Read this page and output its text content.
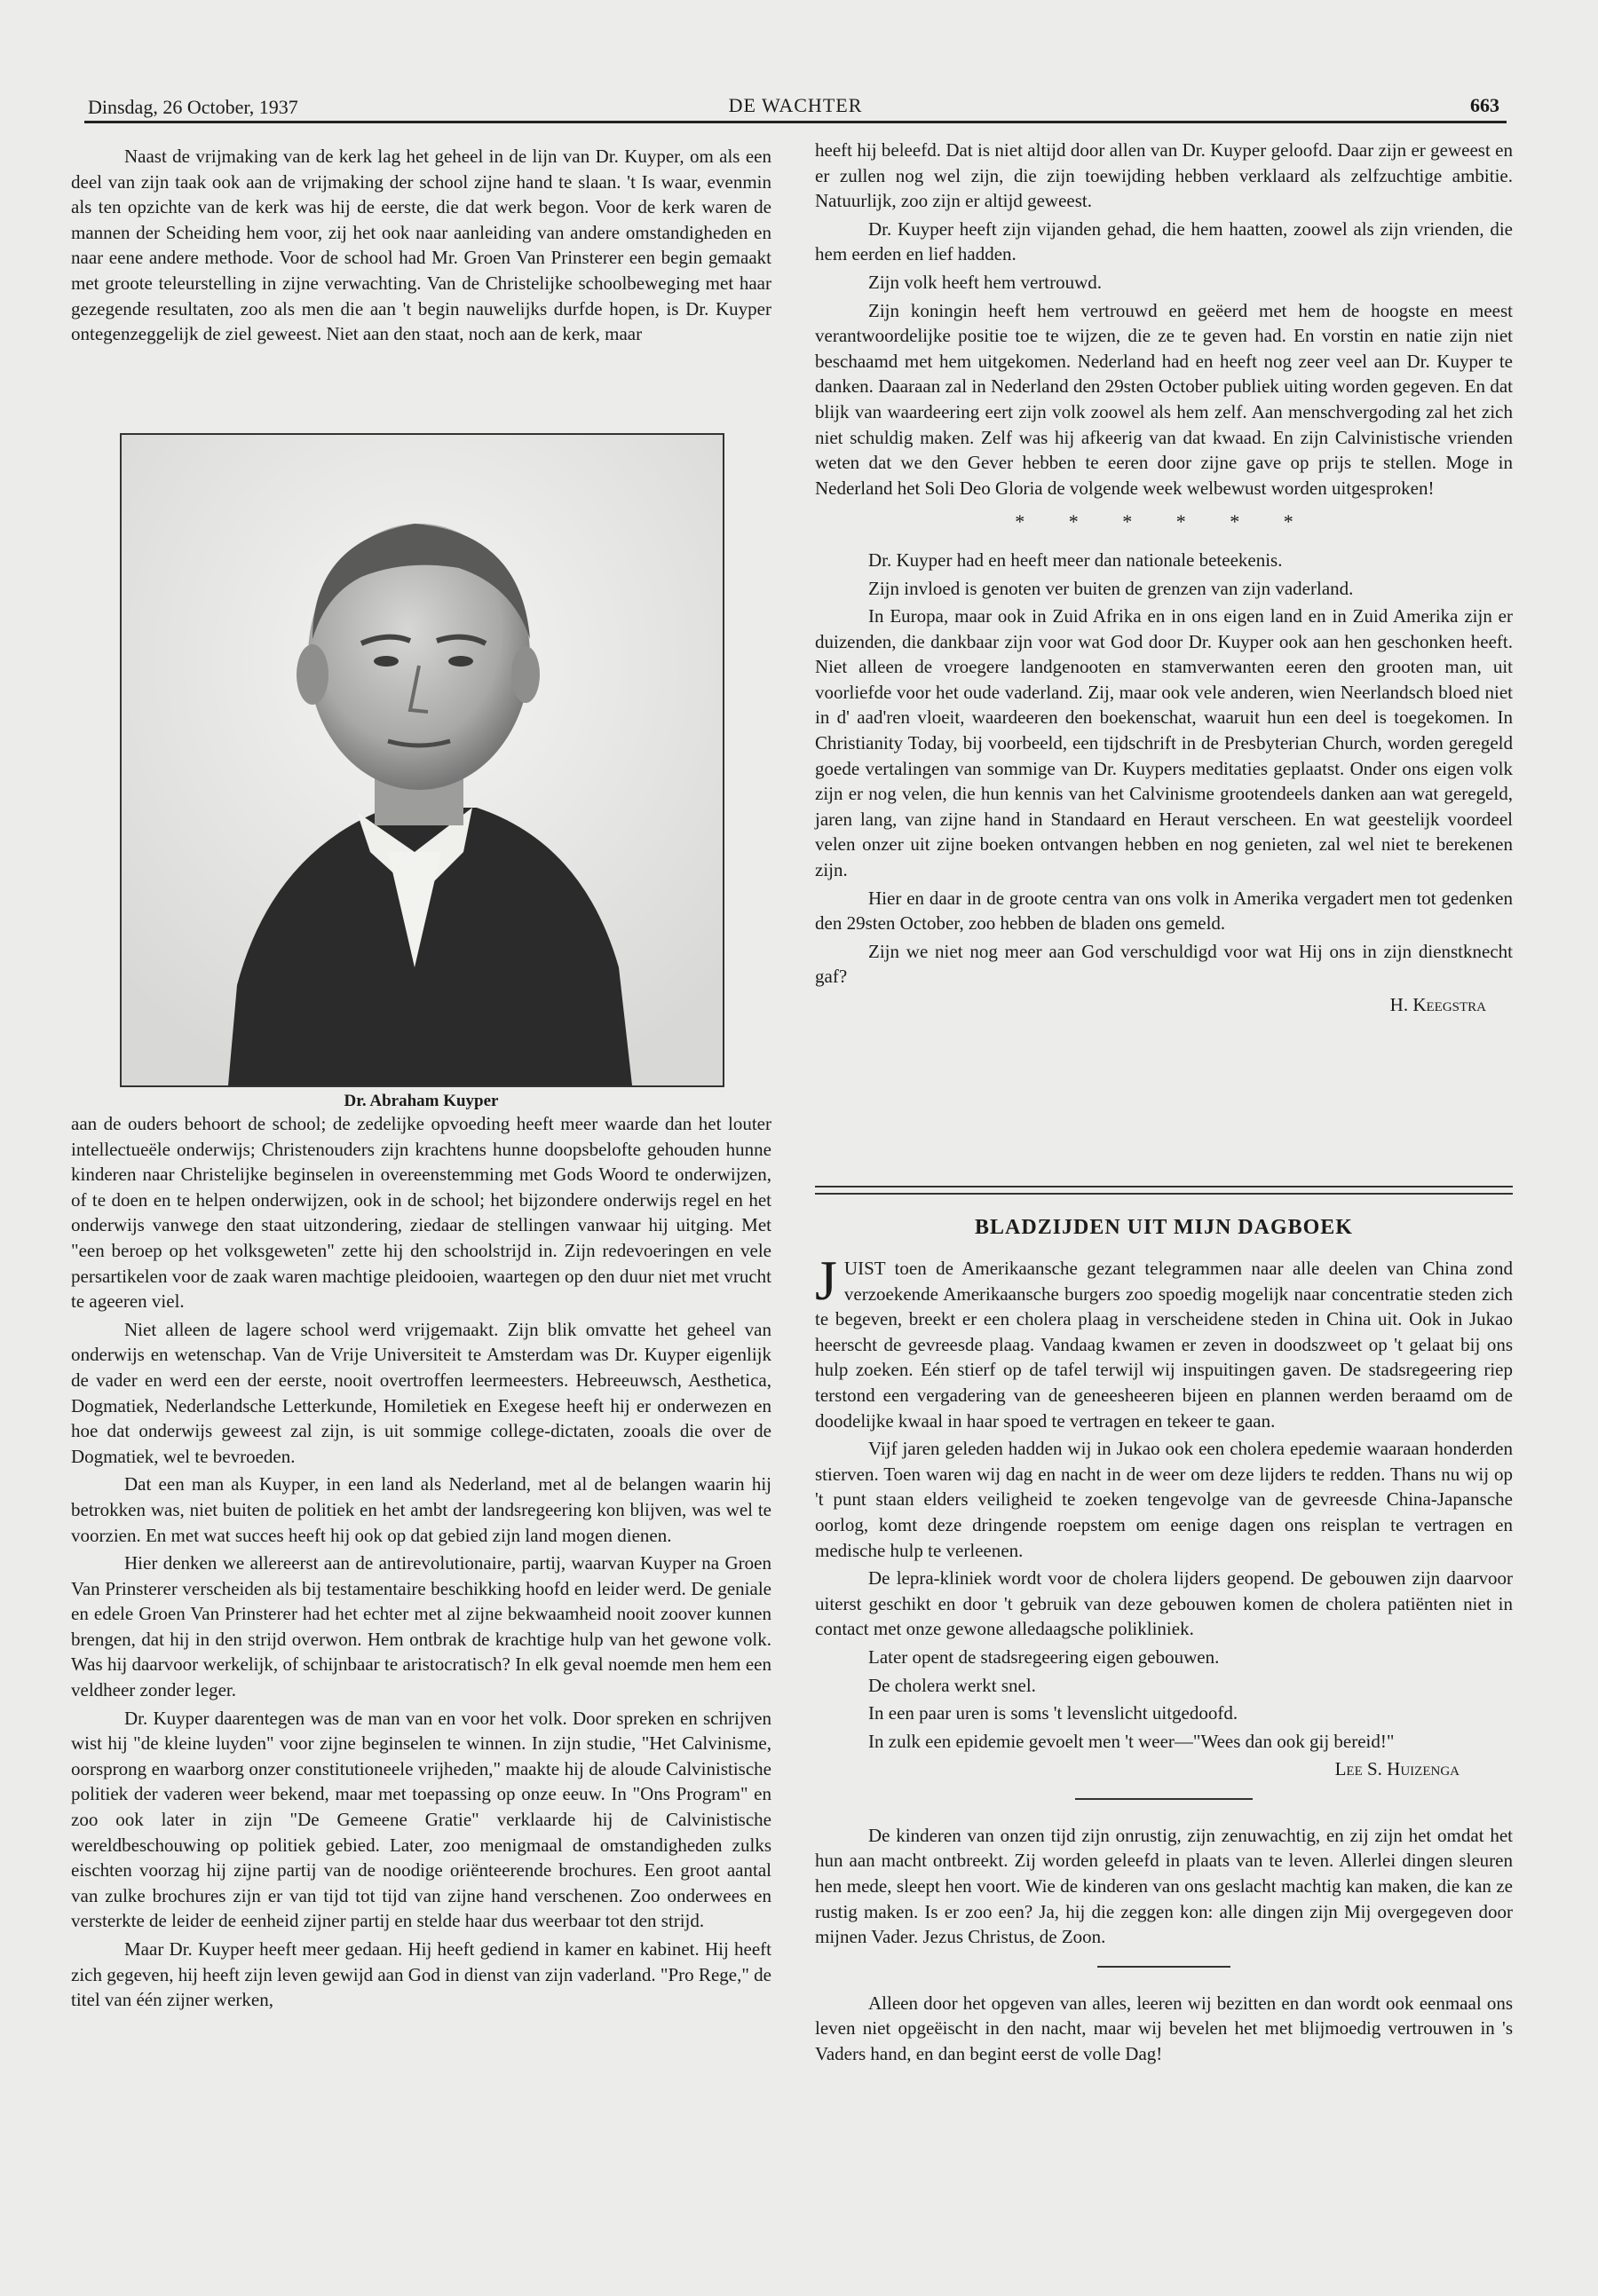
Dinsdag, 26 October, 1937	DE WACHTER	663

Naast de vrijmaking van de kerk lag het geheel in de lijn van Dr. Kuyper, om als een deel van zijn taak ook aan de vrijmaking der school zijne hand te slaan. 't Is waar, evenmin als ten opzichte van de kerk was hij de eerste, die dat werk begon. Voor de kerk waren de mannen der Scheiding hem voor, zij het ook naar aanleiding van andere omstandigheden en naar eene andere methode. Voor de school had Mr. Groen Van Prinsterer een begin gemaakt met groote teleurstelling in zijne verwachting. Van de Christelijke schoolbeweging met haar gezegende resultaten, zoo als men die aan 't begin nauwelijks durfde hopen, is Dr. Kuyper ontegenzeggelijk de ziel geweest. Niet aan den staat, noch aan de kerk, maar

Dr. Abraham Kuyper

aan de ouders behoort de school; de zedelijke opvoeding heeft meer waarde dan het louter intellectueële onderwijs; Christenouders zijn krachtens hunne doopsbelofte gehouden hunne kinderen naar Christelijke beginselen in overeenstemming met Gods Woord te onderwijzen, of te doen en te helpen onderwijzen, ook in de school; het bijzondere onderwijs regel en het onderwijs vanwege den staat uitzondering, ziedaar de stellingen vanwaar hij uitging. Met "een beroep op het volksgeweten" zette hij den schoolstrijd in. Zijn redevoeringen en vele persartikelen voor de zaak waren machtige pleidooien, waartegen op den duur niet met vrucht te ageeren viel.

Niet alleen de lagere school werd vrijgemaakt. Zijn blik omvatte het geheel van onderwijs en wetenschap. Van de Vrije Universiteit te Amsterdam was Dr. Kuyper eigenlijk de vader en werd een der eerste, nooit overtroffen leermeesters. Hebreeuwsch, Aesthetica, Dogmatiek, Nederlandsche Letterkunde, Homiletiek en Exegese heeft hij er onderwezen en hoe dat onderwijs geweest zal zijn, is uit sommige college-dictaten, zooals die over de Dogmatiek, wel te bevroeden.

Dat een man als Kuyper, in een land als Nederland, met al de belangen waarin hij betrokken was, niet buiten de politiek en het ambt der landsregeering kon blijven, was wel te voorzien. En met wat succes heeft hij ook op dat gebied zijn land mogen dienen.

Hier denken we allereerst aan de antirevolutionaire, partij, waarvan Kuyper na Groen Van Prinsterer verscheiden als bij testamentaire beschikking hoofd en leider werd. De geniale en edele Groen Van Prinsterer had het echter met al zijne bekwaamheid nooit zoover kunnen brengen, dat hij in den strijd overwon. Hem ontbrak de krachtige hulp van het gewone volk. Was hij daarvoor werkelijk, of schijnbaar te aristocratisch? In elk geval noemde men hem een veldheer zonder leger.

Dr. Kuyper daarentegen was de man van en voor het volk. Door spreken en schrijven wist hij "de kleine luyden" voor zijne beginselen te winnen. In zijn studie, "Het Calvinisme, oorsprong en waarborg onzer constitutioneele vrijheden," maakte hij de aloude Calvinistische politiek der vaderen weer bekend, maar met toepassing op onze eeuw. In "Ons Program" en zoo ook later in zijn "De Gemeene Gratie" verklaarde hij de Calvinistische wereldbeschouwing op politiek gebied. Later, zoo menigmaal de omstandigheden zulks eischten voorzag hij zijne partij van de noodige oriënteerende brochures. Een groot aantal van zulke brochures zijn er van tijd tot tijd van zijne hand verschenen. Zoo onderwees en versterkte de leider de eenheid zijner partij en stelde haar dus weerbaar tot den strijd.

Maar Dr. Kuyper heeft meer gedaan. Hij heeft gediend in kamer en kabinet. Hij heeft zich gegeven, hij heeft zijn leven gewijd aan God in dienst van zijn vaderland. "Pro Rege," de titel van één zijner werken,

heeft hij beleefd. Dat is niet altijd door allen van Dr. Kuyper geloofd. Daar zijn er geweest en er zullen nog wel zijn, die zijn toewijding hebben verklaard als zelfzuchtige ambitie. Natuurlijk, zoo zijn er altijd geweest.

Dr. Kuyper heeft zijn vijanden gehad, die hem haatten, zoowel als zijn vrienden, die hem eerden en lief hadden.

Zijn volk heeft hem vertrouwd.

Zijn koningin heeft hem vertrouwd en geëerd met hem de hoogste en meest verantwoordelijke positie toe te wijzen, die ze te geven had. En vorstin en natie zijn niet beschaamd met hem uitgekomen. Nederland had en heeft nog zeer veel aan Dr. Kuyper te danken. Daaraan zal in Nederland den 29sten October publiek uiting worden gegeven. En dat blijk van waardeering eert zijn volk zoowel als hem zelf. Aan menschvergoding zal het zich niet schuldig maken. Zelf was hij afkeerig van dat kwaad. En zijn Calvinistische vrienden weten dat we den Gever hebben te eeren door zijne gave op prijs te stellen. Moge in Nederland het Soli Deo Gloria de volgende week welbewust worden uitgesproken!

* * * * * *

Dr. Kuyper had en heeft meer dan nationale beteekenis.

Zijn invloed is genoten ver buiten de grenzen van zijn vaderland.

In Europa, maar ook in Zuid Afrika en in ons eigen land en in Zuid Amerika zijn er duizenden, die dankbaar zijn voor wat God door Dr. Kuyper ook aan hen geschonken heeft. Niet alleen de vroegere landgenooten en stamverwanten eeren den grooten man, uit voorliefde voor het oude vaderland. Zij, maar ook vele anderen, wien Neerlandsch bloed niet in d' aad'ren vloeit, waardeeren den boekenschat, waaruit hun een deel is toegekomen. In Christianity Today, bij voorbeeld, een tijdschrift in de Presbyterian Church, worden geregeld goede vertalingen van sommige van Dr. Kuypers meditaties geplaatst. Onder ons eigen volk zijn er nog velen, die hun kennis van het Calvinisme grootendeels danken aan wat geregeld, jaren lang, van zijne hand in Standaard en Heraut verscheen. En wat geestelijk voordeel velen onzer uit zijne boeken ontvangen hebben en nog genieten, zal wel niet te berekenen zijn.

Hier en daar in de groote centra van ons volk in Amerika vergadert men tot gedenken den 29sten October, zoo hebben de bladen ons gemeld.

Zijn we niet nog meer aan God verschuldigd voor wat Hij ons in zijn dienstknecht gaf?

H. Keegstra
BLADZIJDEN UIT MIJN DAGBOEK

JUIST toen de Amerikaansche gezant telegrammen naar alle deelen van China zond verzoekende Amerikaansche burgers zoo spoedig mogelijk naar concentratie steden zich te begeven, breekt er een cholera plaag in verscheidene steden in China uit. Ook in Jukao heerscht de gevreesde plaag. Vandaag kwamen er zeven in doodszweet op 't gelaat bij ons hulp zoeken. Eén stierf op de tafel terwijl wij inspuitingen gaven. De stadsregeering riep terstond een vergadering van de geneesheeren bijeen en plannen werden beraamd om de doodelijke kwaal in haar spoed te vertragen en tekeer te gaan.

Vijf jaren geleden hadden wij in Jukao ook een cholera epedemie waaraan honderden stierven. Toen waren wij dag en nacht in de weer om deze lijders te redden. Thans nu wij op 't punt staan elders veiligheid te zoeken tengevolge van de gevreesde China-Japansche oorlog, komt deze dringende roepstem om eenige dagen ons reisplan te vertragen en medische hulp te verleenen.

De lepra-kliniek wordt voor de cholera lijders geopend. De gebouwen zijn daarvoor uiterst geschikt en door 't gebruik van deze gebouwen komen de cholera patiënten niet in contact met onze gewone alledaagsche polikliniek.

Later opent de stadsregeering eigen gebouwen.

De cholera werkt snel.

In een paar uren is soms 't levenslicht uitgedoofd.

In zulk een epidemie gevoelt men 't weer—"Wees dan ook gij bereid!"

Lee S. Huizenga

De kinderen van onzen tijd zijn onrustig, zijn zenuwachtig, en zij zijn het omdat het hun aan macht ontbreekt. Zij worden geleefd in plaats van te leven. Allerlei dingen sleuren hen mede, sleept hen voort. Wie de kinderen van ons geslacht machtig kan maken, die kan ze rustig maken. Is er zoo een? Ja, hij die zeggen kon: alle dingen zijn Mij overgegeven door mijnen Vader. Jezus Christus, de Zoon.

Alleen door het opgeven van alles, leeren wij bezitten en dan wordt ook eenmaal ons leven niet opgeëischt in den nacht, maar wij bevelen het met blijmoedig vertrouwen in 's Vaders hand, en dan begint eerst de volle Dag!
